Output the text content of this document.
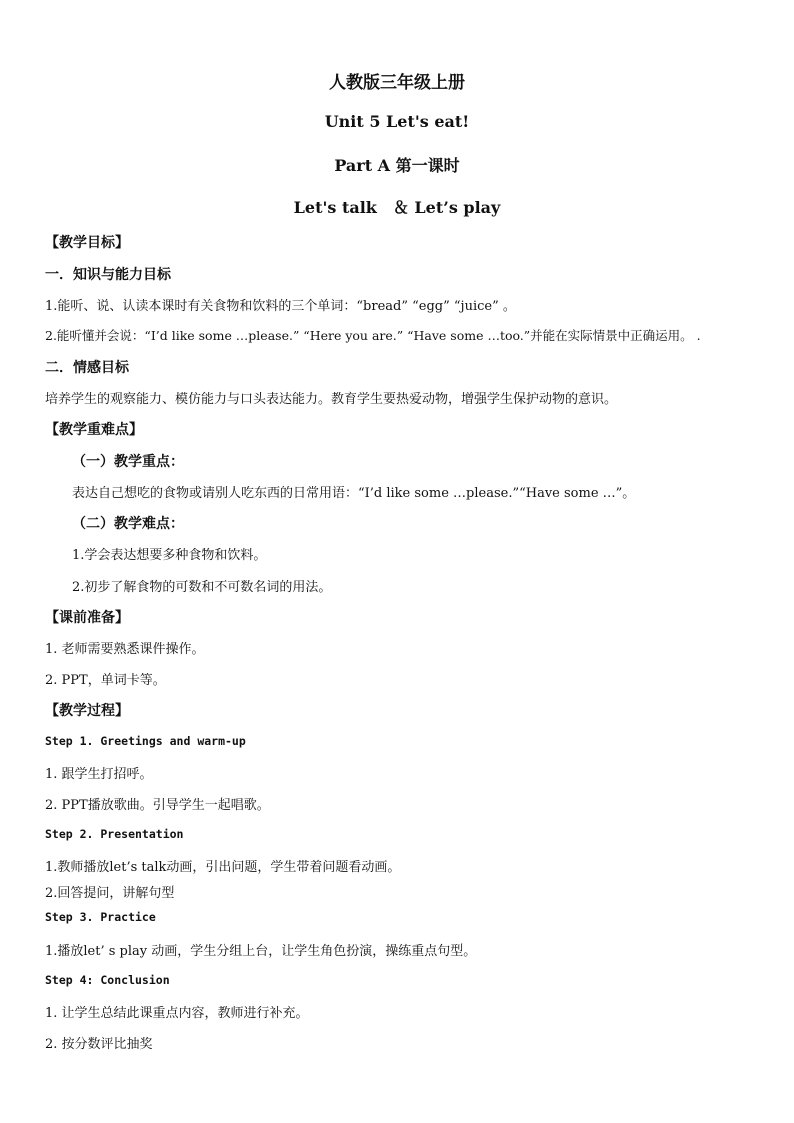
人教版三年级上册
Unit 5 Let's eat!
Part A 第一课时
Let's talk　＆ Let’s play
【教学目标】
一．知识与能力目标
1.能听、说、认读本课时有关食物和饮料的三个单词：“bread” “egg” “juice” 。
2.能听懂并会说：“I’d like some …please.” “Here you are.” “Have some …too.”并能在实际情景中正确运用。 .
二．情感目标
培养学生的观察能力、模仿能力与口头表达能力。教育学生要热爱动物，增强学生保护动物的意识。
【教学重难点】
（一）教学重点：
表达自己想吃的食物或请别人吃东西的日常用语：“I’d like some …please.”“Have some …”。
（二）教学难点：
1.学会表达想要多种食物和饮料。
2.初步了解食物的可数和不可数名词的用法。
【课前准备】
1. 老师需要熟悉课件操作。
2. PPT，单词卡等。
【教学过程】
Step 1. Greetings and warm-up
1. 跟学生打招呼。
2. PPT播放歌曲。引导学生一起唱歌。
Step 2. Presentation
1.教师播放let’s talk动画，引出问题，学生带着问题看动画。
2.回答提问，讲解句型
Step 3. Practice
1.播放let’ s play 动画，学生分组上台，让学生角色扮演，操练重点句型。
Step 4: Conclusion
1. 让学生总结此课重点内容，教师进行补充。
2. 按分数评比抽奖
